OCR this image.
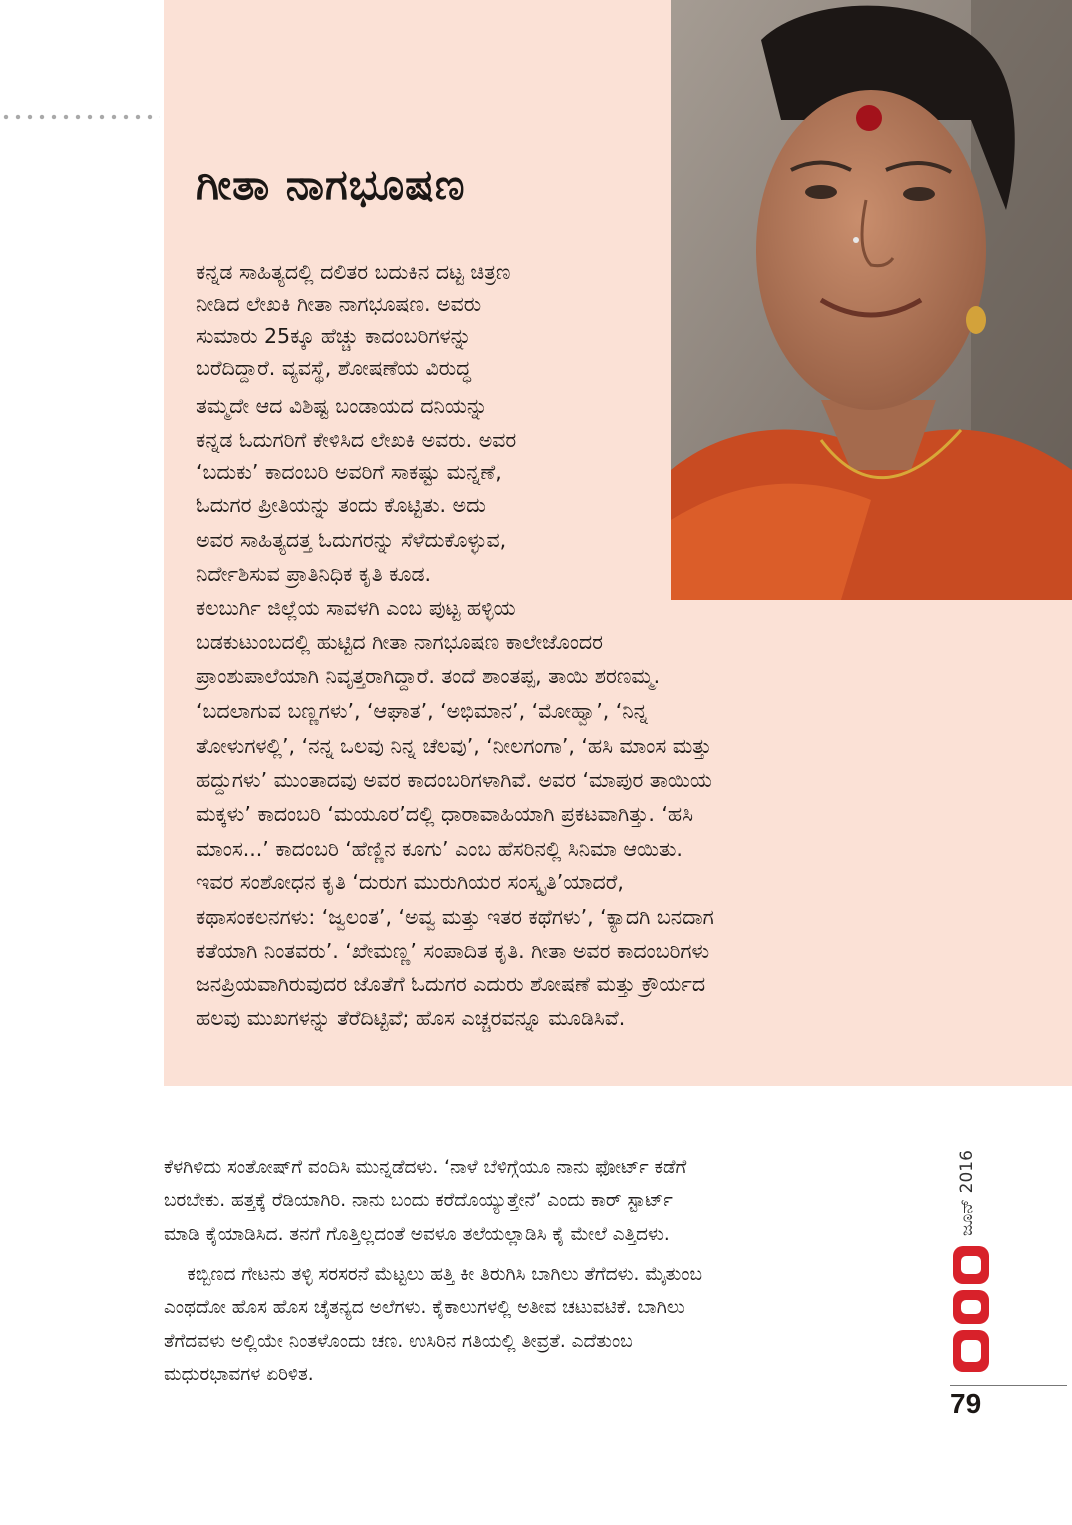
ಗೀತಾ ನಾಗಭೂಷಣ

ಕನ್ನಡ ಸಾಹಿತ್ಯದಲ್ಲಿ ದಲಿತರ ಬದುಕಿನ ದಟ್ಟ ಚಿತ್ರಣ

ನೀಡಿದ ಲೇಖಕಿ ಗೀತಾ ನಾಗಭೂಷಣ. ಅವರು

ಸುಮಾರು 25ಕ್ಕೂ ಹೆಚ್ಚು ಕಾದಂಬರಿಗಳನ್ನು

ಬರೆದಿದ್ದಾರೆ. ವ್ಯವಸ್ಥೆ, ಶೋಷಣೆಯ ವಿರುದ್ಧ

ತಮ್ಮದೇ ಆದ ವಿಶಿಷ್ಟ ಬಂಡಾಯದ ದನಿಯನ್ನು

ಕನ್ನಡ ಓದುಗರಿಗೆ ಕೇಳಿಸಿದ ಲೇಖಕಿ ಅವರು. ಅವರ

‘ಬದುಕು’ ಕಾದಂಬರಿ ಅವರಿಗೆ ಸಾಕಷ್ಟು ಮನ್ನಣೆ,

ಓದುಗರ ಪ್ರೀತಿಯನ್ನು ತಂದು ಕೊಟ್ಟಿತು. ಅದು

ಅವರ ಸಾಹಿತ್ಯದತ್ತ ಓದುಗರನ್ನು ಸೆಳೆದುಕೊಳ್ಳುವ,

ನಿರ್ದೇಶಿಸುವ ಪ್ರಾತಿನಿಧಿಕ ಕೃತಿ ಕೂಡ.

ಕಲಬುರ್ಗಿ ಜಿಲ್ಲೆಯ ಸಾವಳಗಿ ಎಂಬ ಪುಟ್ಟ ಹಳ್ಳಿಯ

ಬಡಕುಟುಂಬದಲ್ಲಿ ಹುಟ್ಟಿದ ಗೀತಾ ನಾಗಭೂಷಣ ಕಾಲೇಜೊಂದರ

ಪ್ರಾಂಶುಪಾಲೆಯಾಗಿ ನಿವೃತ್ತರಾಗಿದ್ದಾರೆ. ತಂದೆ ಶಾಂತಪ್ಪ, ತಾಯಿ ಶರಣಮ್ಮ.

‘ಬದಲಾಗುವ ಬಣ್ಣಗಳು’, ‘ಆಘಾತ’, ‘ಅಭಿಮಾನ’, ‘ಮೋಹ್ವಾ’, ‘ನಿನ್ನ

ತೋಳುಗಳಲ್ಲಿ’, ‘ನನ್ನ ಒಲವು ನಿನ್ನ ಚೆಲವು’, ‘ನೀಲಗಂಗಾ’, ‘ಹಸಿ ಮಾಂಸ ಮತ್ತು

ಹದ್ದುಗಳು’ ಮುಂತಾದವು ಅವರ ಕಾದಂಬರಿಗಳಾಗಿವೆ. ಅವರ ‘ಮಾಪುರ ತಾಯಿಯ

ಮಕ್ಕಳು’ ಕಾದಂಬರಿ ‘ಮಯೂರ’ದಲ್ಲಿ ಧಾರಾವಾಹಿಯಾಗಿ ಪ್ರಕಟವಾಗಿತ್ತು. ‘ಹಸಿ

ಮಾಂಸ...’ ಕಾದಂಬರಿ ‘ಹೆಣ್ಣಿನ ಕೂಗು’ ಎಂಬ ಹೆಸರಿನಲ್ಲಿ ಸಿನಿಮಾ ಆಯಿತು.

ಇವರ ಸಂಶೋಧನ ಕೃತಿ ‘ದುರುಗ ಮುರುಗಿಯರ ಸಂಸ್ಕೃತಿ’ಯಾದರೆ,

ಕಥಾಸಂಕಲನಗಳು: ‘ಜ್ವಲಂತ’, ‘ಅವ್ವ ಮತ್ತು ಇತರ ಕಥೆಗಳು’, ‘ಕ್ಯಾದಗಿ ಬನದಾಗ

ಕತೆಯಾಗಿ ನಿಂತವರು’. ‘ಖೇಮಣ್ಣ’ ಸಂಪಾದಿತ ಕೃತಿ. ಗೀತಾ ಅವರ ಕಾದಂಬರಿಗಳು

ಜನಪ್ರಿಯವಾಗಿರುವುದರ ಜೊತೆಗೆ ಓದುಗರ ಎದುರು ಶೋಷಣೆ ಮತ್ತು ಕ್ರೌರ್ಯದ

ಹಲವು ಮುಖಗಳನ್ನು ತೆರೆದಿಟ್ಟಿವೆ; ಹೊಸ ಎಚ್ಚರವನ್ನೂ ಮೂಡಿಸಿವೆ.

ಕೆಳಗಿಳಿದು ಸಂತೋಷ್‌ಗೆ ವಂದಿಸಿ ಮುನ್ನಡೆದಳು. ‘ನಾಳೆ ಬೆಳಿಗ್ಗೆಯೂ ನಾನು ಫೋರ್ಟ್ ಕಡೆಗೆ

ಬರಬೇಕು. ಹತ್ತಕ್ಕೆ ರೆಡಿಯಾಗಿರಿ. ನಾನು ಬಂದು ಕರೆದೊಯ್ಯುತ್ತೇನೆ’ ಎಂದು ಕಾರ್ ಸ್ಟಾರ್ಟ್

ಮಾಡಿ ಕೈಯಾಡಿಸಿದ. ತನಗೆ ಗೊತ್ತಿಲ್ಲದಂತೆ ಅವಳೂ ತಲೆಯಲ್ಲಾಡಿಸಿ ಕೈ ಮೇಲೆ ಎತ್ತಿದಳು.

ಕಬ್ಬಿಣದ ಗೇಟನು ತಳ್ಳಿ ಸರಸರನೆ ಮೆಟ್ಟಲು ಹತ್ತಿ ಕೀ ತಿರುಗಿಸಿ ಬಾಗಿಲು ತೆಗೆದಳು. ಮೈತುಂಬ

ಎಂಥದೋ ಹೊಸ ಹೊಸ ಚೈತನ್ಯದ ಅಲೆಗಳು. ಕೈಕಾಲುಗಳಲ್ಲಿ ಅತೀವ ಚಟುವಟಿಕೆ. ಬಾಗಿಲು

ತೆಗೆದವಳು ಅಲ್ಲಿಯೇ ನಿಂತಳೊಂದು ಚಣ. ಉಸಿರಿನ ಗತಿಯಲ್ಲಿ ತೀವ್ರತೆ. ಎದೆತುಂಬ

ಮಧುರಭಾವಗಳ ಏರಿಳಿತ.

ಜೂನ್ 2016
79
